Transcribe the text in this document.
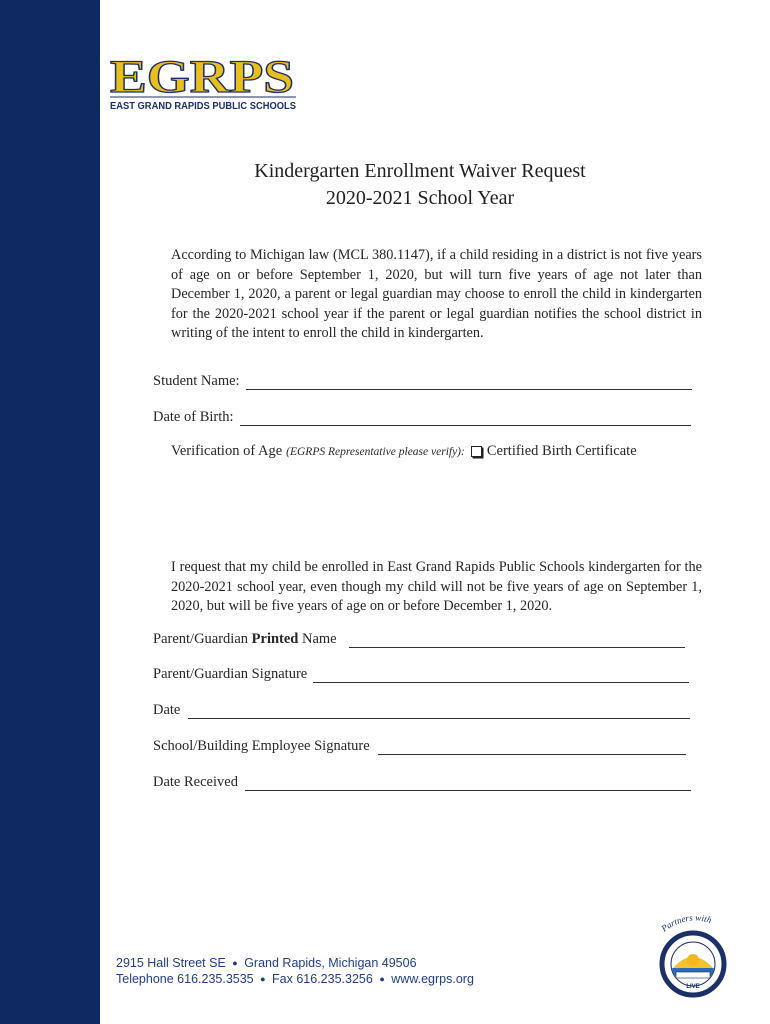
EGRPS
EAST GRAND RAPIDS PUBLIC SCHOOLS
Kindergarten Enrollment Waiver Request
2020-2021 School Year
According to Michigan law (MCL 380.1147), if a child residing in a district is not five years of age on or before September 1, 2020, but will turn five years of age not later than December 1, 2020, a parent or legal guardian may choose to enroll the child in kindergarten for the 2020-2021 school year if the parent or legal guardian notifies the school district in writing of the intent to enroll the child in kindergarten.
Student Name:
Date of Birth:
Verification of Age (EGRPS Representative please verify): Certified Birth Certificate
I request that my child be enrolled in East Grand Rapids Public Schools kindergarten for the 2020-2021 school year, even though my child will not be five years of age on September 1, 2020, but will be five years of age on or before December 1, 2020.
Parent/Guardian Printed Name
Parent/Guardian Signature
Date
School/Building Employee Signature
Date Received
2915 Hall Street SE ● Grand Rapids, Michigan 49506
Telephone 616.235.3535 ● Fax 616.235.3256 ● www.egrps.org
Partners with
LIVE
